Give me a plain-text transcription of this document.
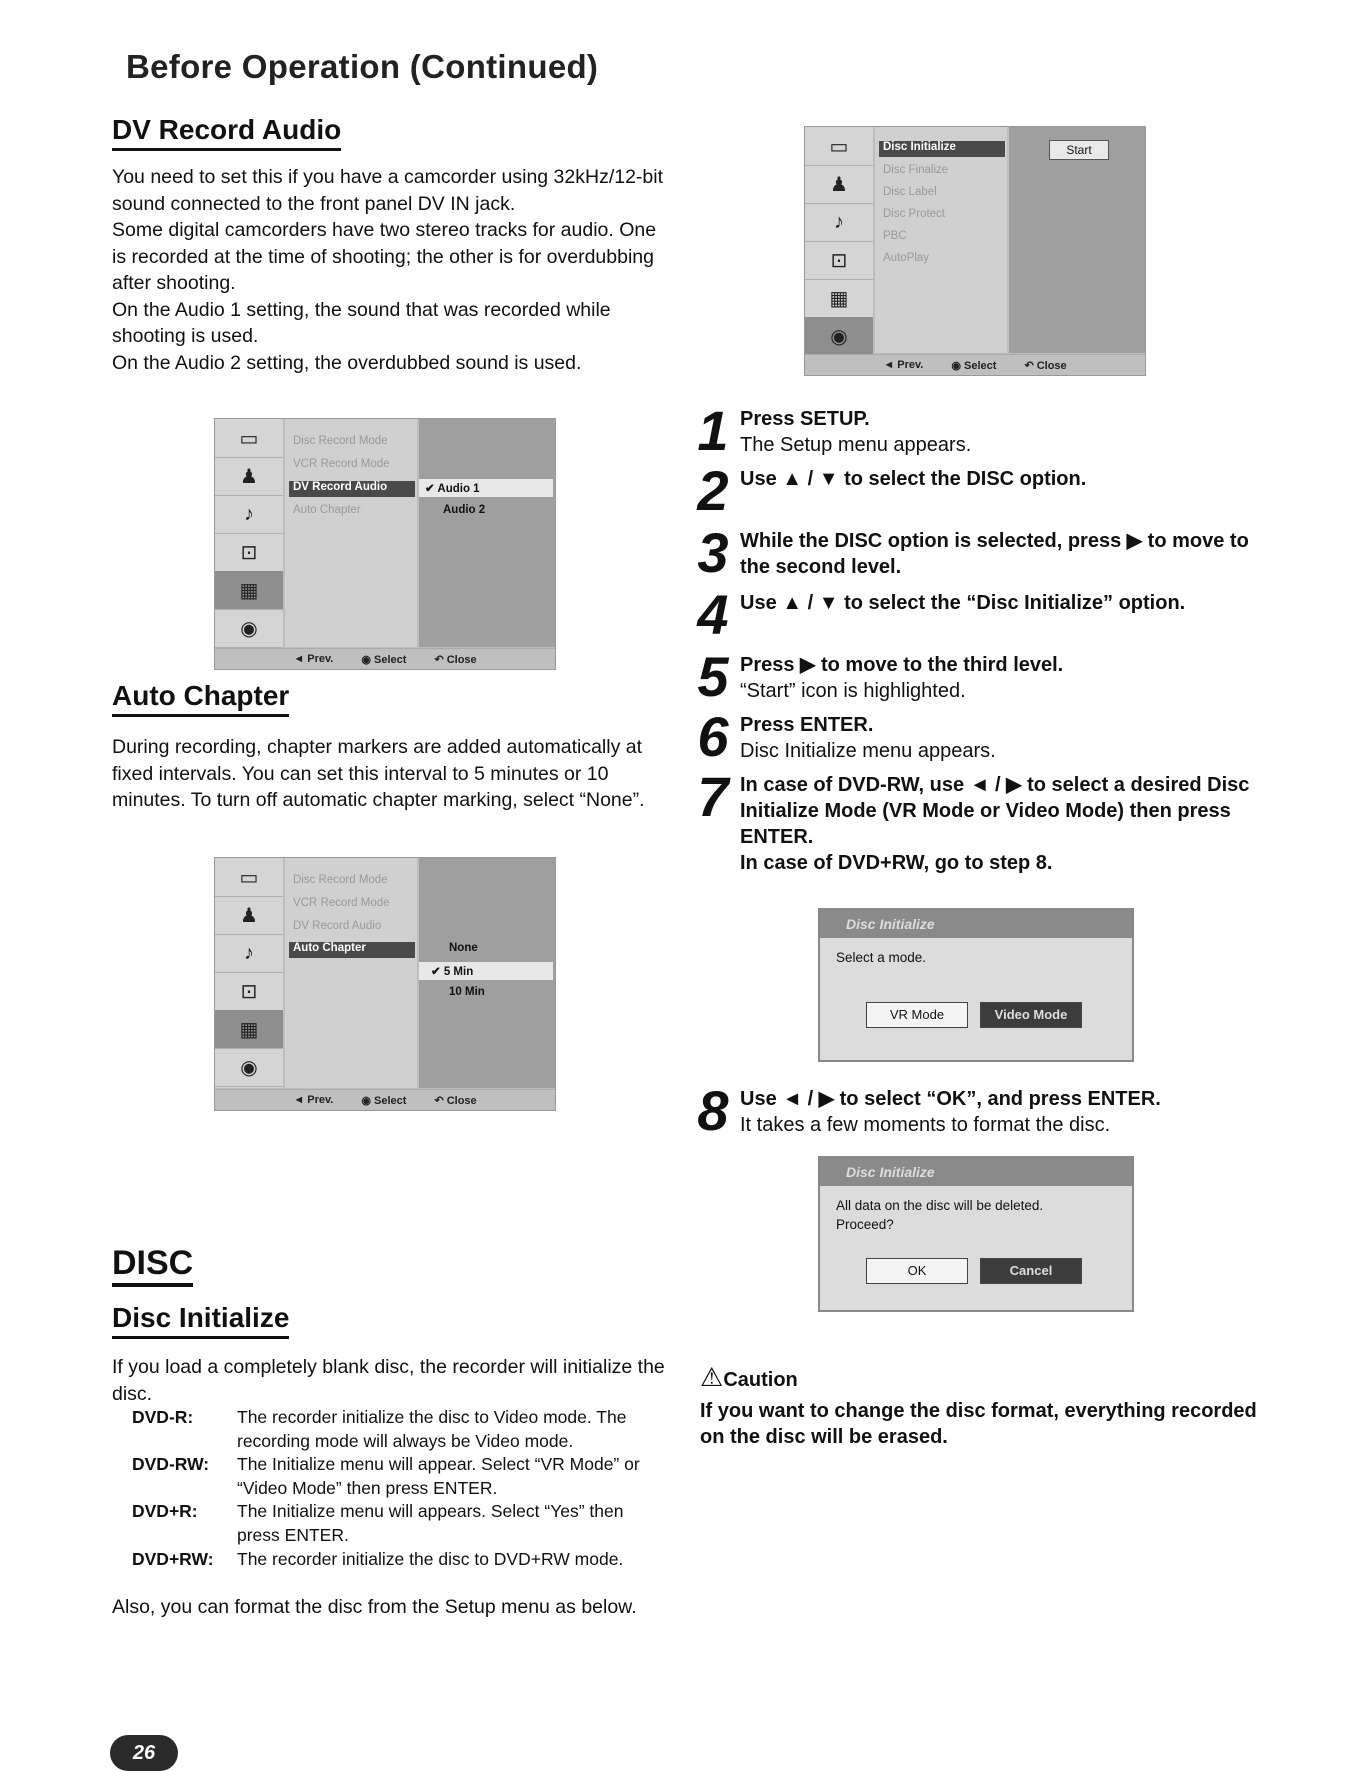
Before Operation (Continued)
DV Record Audio

You need to set this if you have a camcorder using 32kHz/12-bit sound connected to the front panel DV IN jack.

Some digital camcorders have two stereo tracks for audio. One is recorded at the time of shooting; the other is for overdubbing after shooting.

On the Audio 1 setting, the sound that was recorded while shooting is used.

On the Audio 2 setting, the overdubbed sound is used.

▭
♟
♪
⊡
▦
◉
Disc Record Mode
VCR Record Mode
DV Record Audio
Auto Chapter
✔ Audio 1
Audio 2
◄ Prev.	◉ Select	↶ Close
Auto Chapter
During recording, chapter markers are added automatically at fixed intervals. You can set this interval to 5 minutes or 10 minutes. To turn off automatic chapter marking, select “None”.
▭
♟
♪
⊡
▦
◉
Disc Record Mode
VCR Record Mode
DV Record Audio
Auto Chapter	None
✔ 5 Min
10 Min
◄ Prev.	◉ Select	↶ Close
DISC
Disc Initialize
If you load a completely blank disc, the recorder will initialize the disc.
DVD-R:	The recorder initialize the disc to Video mode. The recording mode will always be Video mode.
DVD-RW:	The Initialize menu will appear. Select “VR Mode” or “Video Mode” then press ENTER.
DVD+R:	The Initialize menu will appears. Select “Yes” then press ENTER.
DVD+RW:	The recorder initialize the disc to DVD+RW mode.
Also, you can format the disc from the Setup menu as below.
▭
♟
♪
⊡
▦
◉
Disc Initialize
Disc Finalize
Disc Label
Disc Protect
PBC
AutoPlay
Start
◄ Prev.	◉ Select	↶ Close
1 Press SETUP.
The Setup menu appears.
2 Use ▲ / ▼ to select the DISC option.
3 While the DISC option is selected, press ▶ to move to the second level.
4 Use ▲ / ▼ to select the “Disc Initialize” option.
5 Press ▶ to move to the third level.
“Start” icon is highlighted.
6 Press ENTER.
Disc Initialize menu appears.
7 In case of DVD-RW, use ◄ / ▶ to select a desired Disc Initialize Mode (VR Mode or Video Mode) then press ENTER.
In case of DVD+RW, go to step 8.
Disc Initialize
Select a mode.
VR Mode	Video Mode
8 Use ◄ / ▶ to select “OK”, and press ENTER.
It takes a few moments to format the disc.
Disc Initialize
All data on the disc will be deleted.
Proceed?
OK	Cancel
⚠Caution
If you want to change the disc format, everything recorded on the disc will be erased.
26
